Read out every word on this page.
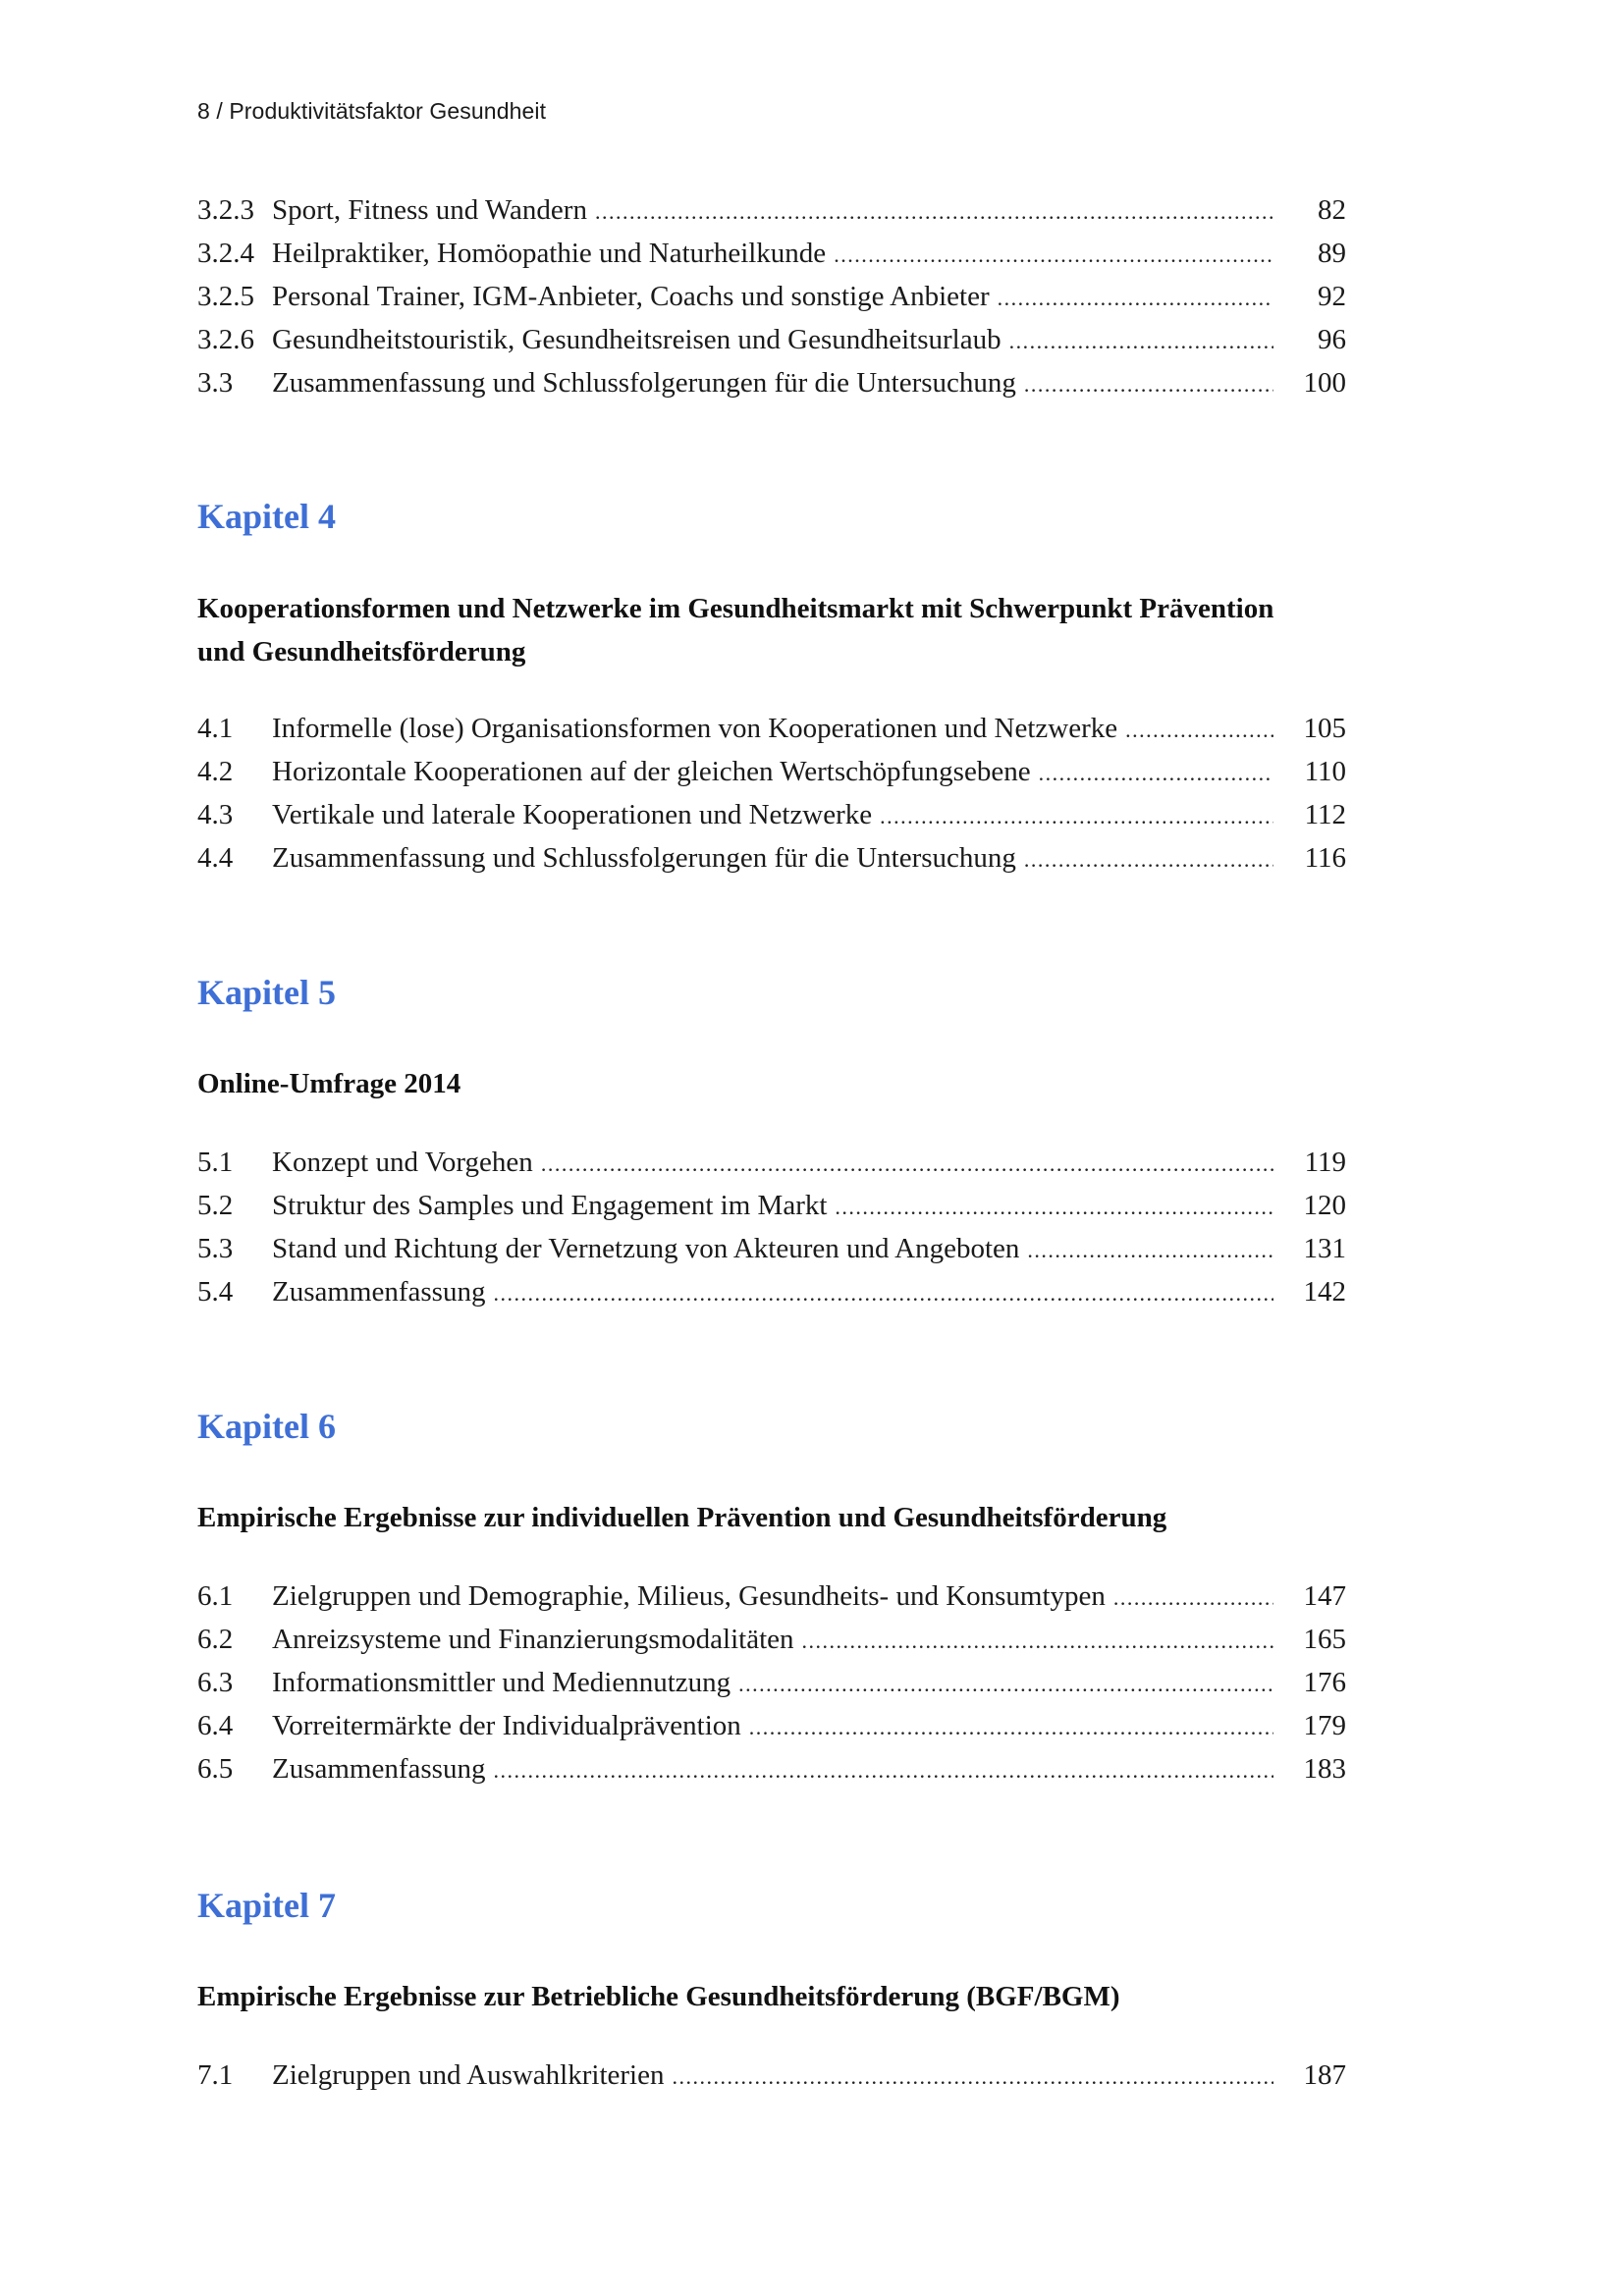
8 / Produktivitätsfaktor Gesundheit
3.2.3 Sport, Fitness und Wandern .....	82
3.2.4 Heilpraktiker, Homöopathie und Naturheilkunde .....	89
3.2.5 Personal Trainer, IGM-Anbieter, Coachs und sonstige Anbieter .....	92
3.2.6 Gesundheitstouristik, Gesundheitsreisen und Gesundheitsurlaub .....	96
3.3	Zusammenfassung und Schlussfolgerungen für die Untersuchung .....	100
Kapitel 4
Kooperationsformen und Netzwerke im Gesundheitsmarkt mit Schwerpunkt Prävention und Gesundheitsförderung
4.1	Informelle (lose) Organisationsformen von Kooperationen und Netzwerke .....	105
4.2	Horizontale Kooperationen auf der gleichen Wertschöpfungsebene .....	110
4.3	Vertikale und laterale Kooperationen und Netzwerke .....	112
4.4	Zusammenfassung und Schlussfolgerungen für die Untersuchung .....	116
Kapitel 5
Online-Umfrage 2014
5.1	Konzept und Vorgehen .....	119
5.2	Struktur des Samples und Engagement im Markt .....	120
5.3	Stand und Richtung der Vernetzung von Akteuren und Angeboten .....	131
5.4	Zusammenfassung .....	142
Kapitel 6
Empirische Ergebnisse zur individuellen Prävention und Gesundheitsförderung
6.1	Zielgruppen und Demographie, Milieus, Gesundheits- und Konsumtypen .....	147
6.2	Anreizsysteme und Finanzierungsmodalitäten .....	165
6.3	Informationsmittler und Mediennutzung .....	176
6.4	Vorreitermärkte der Individualprävention .....	179
6.5	Zusammenfassung .....	183
Kapitel 7
Empirische Ergebnisse zur Betriebliche Gesundheitsförderung (BGF/BGM)
7.1	Zielgruppen und Auswahlkriterien .....	187
